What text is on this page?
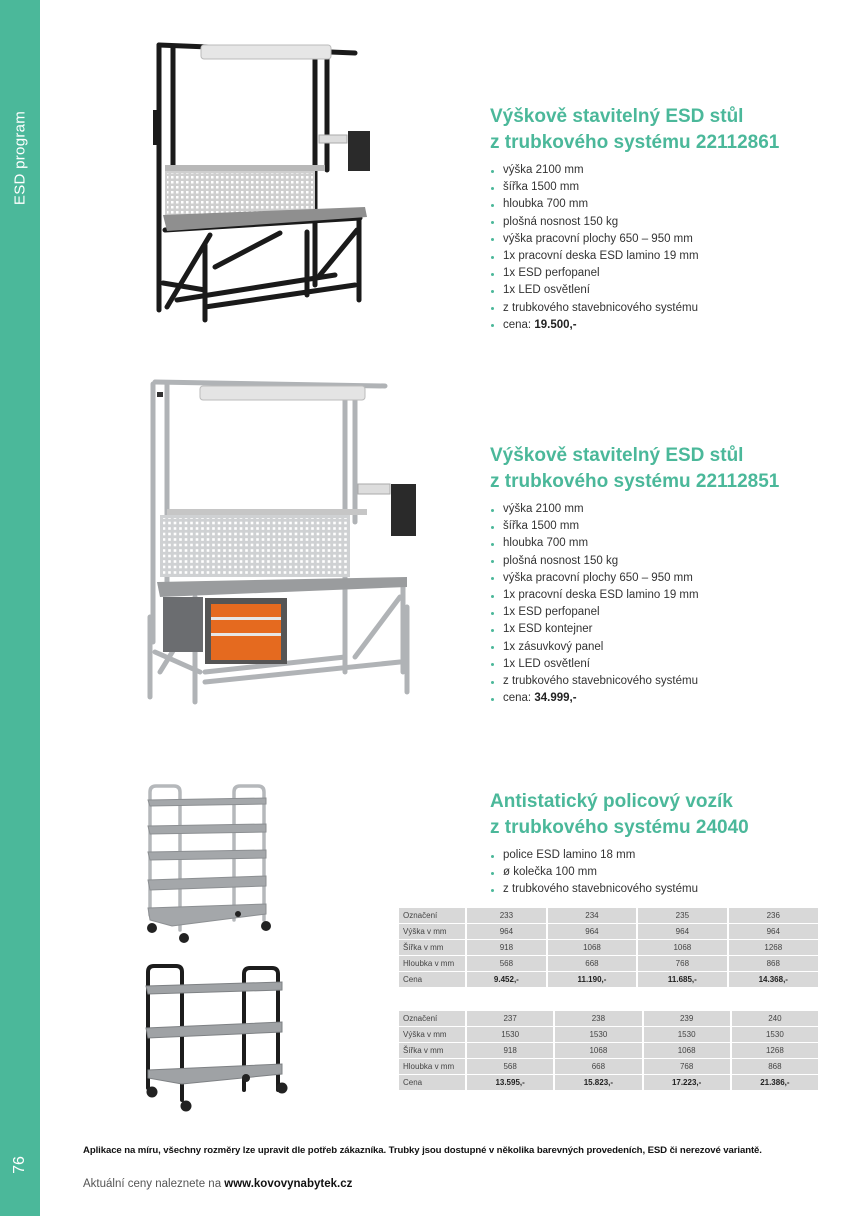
ESD program
76
Výškově stavitelný ESD stůl
z trubkového systému 22112861
výška 2100 mm
šířka 1500 mm
hloubka 700 mm
plošná nosnost 150 kg
výška pracovní plochy 650 – 950 mm
1x pracovní deska ESD lamino 19 mm
1x ESD perfopanel
1x LED osvětlení
z trubkového stavebnicového systému
cena: 19.500,-
Výškově stavitelný ESD stůl
z trubkového systému 22112851
výška 2100 mm
šířka 1500 mm
hloubka 700 mm
plošná nosnost 150 kg
výška pracovní plochy 650 – 950 mm
1x pracovní deska ESD lamino 19 mm
1x ESD perfopanel
1x ESD kontejner
1x zásuvkový panel
1x LED osvětlení
z trubkového stavebnicového systému
cena: 34.999,-
Antistatický policový vozík
z trubkového systému 24040
police ESD lamino 18 mm
ø kolečka 100 mm
z trubkového stavebnicového systému
Označení	233	234	235	236
Výška v mm	964	964	964	964
Šířka v mm	918	1068	1068	1268
Hloubka v mm	568	668	768	868
Cena	9.452,-	11.190,-	11.685,-	14.368,-
Označení	237	238	239	240
Výška v mm	1530	1530	1530	1530
Šířka v mm	918	1068	1068	1268
Hloubka v mm	568	668	768	868
Cena	13.595,-	15.823,-	17.223,-	21.386,-
Aplikace na míru, všechny rozměry lze upravit dle potřeb zákazníka. Trubky jsou dostupné v několika barevných provedeních, ESD či nerezové variantě.
Aktuální ceny naleznete na www.kovovynabytek.cz
